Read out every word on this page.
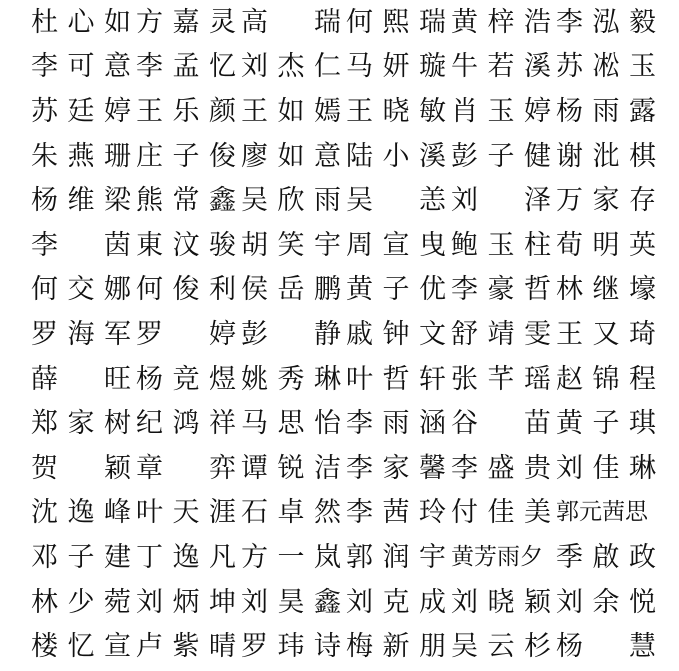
杜 心 如 方 嘉 灵 高 瑞 何 熙 瑞 黄 梓 浩 李 泓 毅
李 可 意 李 孟 忆 刘 杰 仁 马 妍 璇 牛 若 溪 苏 凇 玉
苏 廷 婷 王 乐 颜 王 如 嫣 王 晓 敏 肖 玉 婷 杨 雨 露
朱 燕 珊 庄 子 俊 廖 如 意 陆 小 溪 彭 子 健 谢 沘 棋
杨 维 梁 熊 常 鑫 吴 欣 雨 吴 恙 刘 泽 万 家 存
李 茵 東 汶 骏 胡 笑 宇 周 宣 曳 鲍 玉 柱 荀 明 英
何 交 娜 何 俊 利 侯 岳 鹏 黄 子 优 李 豪 哲 林 继 壕
罗 海 军 罗 婷 彭 静 戚 钟 文 舒 靖 雯 王 又 琦
薛 旺 杨 竞 煜 姚 秀 琳 叶 哲 轩 张 芊 瑶 赵 锦 程
郑 家 树 纪 鸿 祥 马 思 怡 李 雨 涵 谷 苗 黄 子 琪
贺 颖 章 弈 谭 锐 洁 李 家 馨 李 盛 贵 刘 佳 琳
沈 逸 峰 叶 天 涯 石 卓 然 李 茜 玲 付 佳 美 郭元茜思
邓 子 建 丁 逸 凡 方 一 岚 郭 润 宇 黄芳雨夕 季 啟 政
林 少 菀 刘 炳 坤 刘 昊 鑫 刘 克 成 刘 晓 颖 刘 余 悦
楼 忆 宣 卢 紫 晴 罗 玮 诗 梅 新 朋 吴 云 杉 杨 慧
